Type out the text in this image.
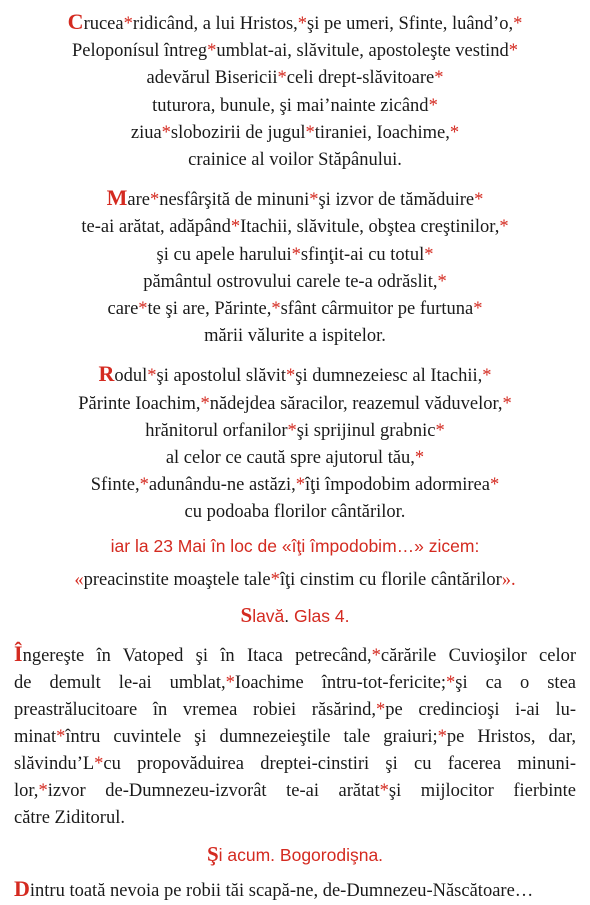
Crucea*ridicând, a lui Hristos,*şi pe umeri, Sfinte, luând’o,*
Peloponísul întreg*umblat-ai, slăvitule, apostoleşte vestind*
adevărul Bisericii*celi drept-slăvitoare*
tuturora, bunule, şi mai’nainte zicând*
ziua*slobozirii de jugul*tiraniei, Ioachime,*
crainice al voilor Stăpânului.
Mare*nesfârşită de minuni*şi izvor de tămăduire*
te-ai arătat, adăpând*Itachii, slăvitule, obştea creştinilor,*
şi cu apele harului*sfinţit-ai cu totul*
pământul ostrovului carele te-a odrăslit,*
care*te şi are, Părinte,*sfânt cârmuitor pe furtuna*
mării vălurite a ispitelor.
Rodul*şi apostolul slăvit*şi dumnezeiesc al Itachii,*
Părinte Ioachim,*nădejdea săracilor, reazemul văduvelor,*
hrănitorul orfanilor*şi sprijinul grabnic*
al celor ce caută spre ajutorul tău,*
Sfinte,*adunându-ne astăzi,*îţi împodobim adormirea*
cu podoaba florilor cântărilor.

iar la 23 Mai în loc de «îţi împodobim…» zicem:

«preacinstite moaştele tale*îţi cinstim cu florile cântărilor».

Slavă. Glas 4.

Îngereşte în Vatoped şi în Itaca petrecând,*cărările Cuvioşilor celor
de demult le-ai umblat,*Ioachime întru-tot-fericite;*şi ca o stea
preastrălucitoare în vremea robiei răsărind,*pe credincioşi i-ai lu-
minat*întru cuvintele şi dumnezeieştile tale graiuri;*pe Hristos, dar,
slăvindu’L*cu propovăduirea dreptei-cinstiri şi cu facerea minuni-
lor,*izvor de-Dumnezeu-izvorât te-ai arătat*şi mijlocitor fierbinte
către Ziditorul.

Şi acum. Bogorodişna.

Dintru toată nevoia pe robii tăi scapă-ne, de-Dumnezeu-Născătoare…
